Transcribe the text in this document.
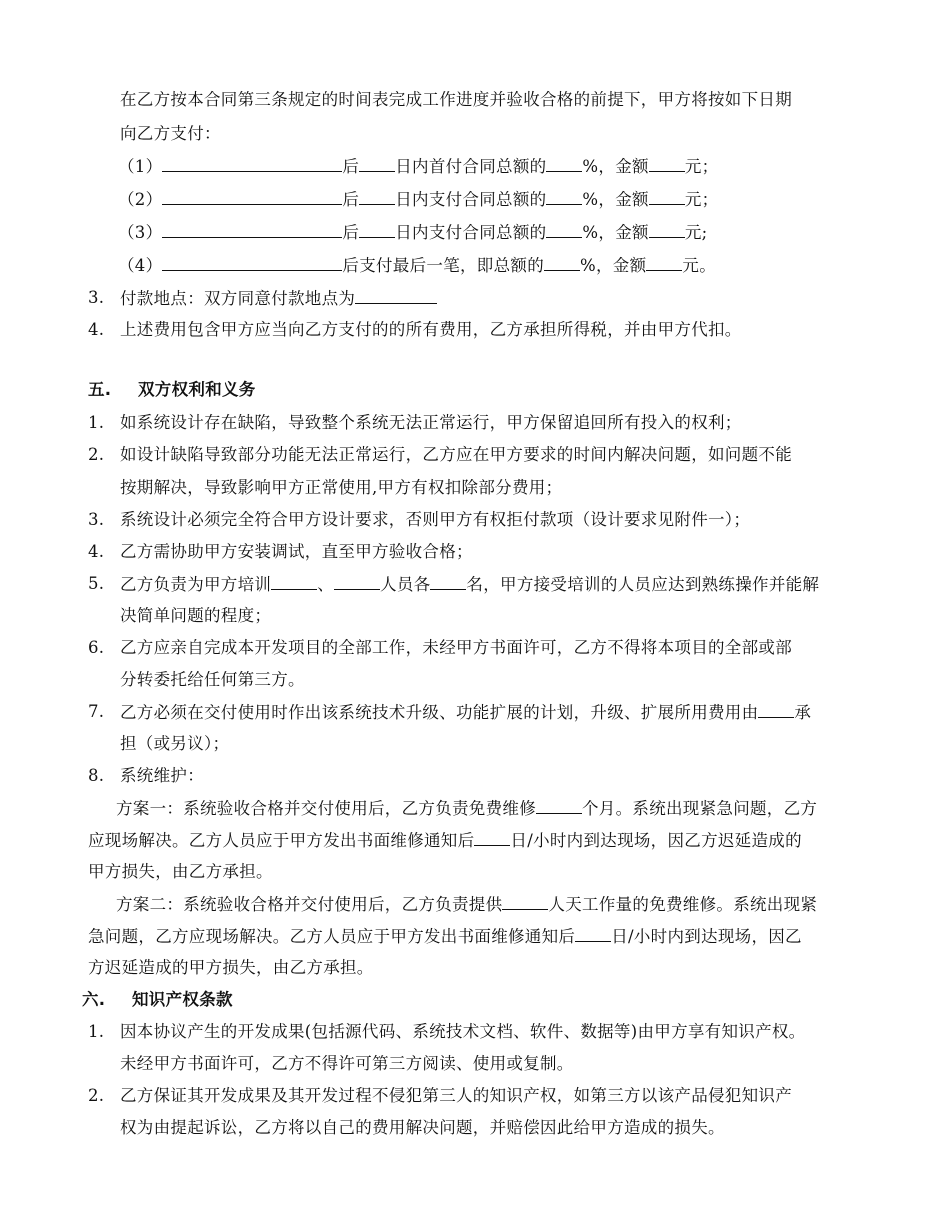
在乙方按本合同第三条规定的时间表完成工作进度并验收合格的前提下，甲方将按如下日期
向乙方支付：
（1）	后 日内首付合同总额的 %，金额 元；
（2）	后 日内支付合同总额的 %，金额 元；
（3）	后 日内支付合同总额的 %，金额 元;
（4）	后支付最后一笔，即总额的 %，金额 元。
3. 付款地点：双方同意付款地点为
4. 上述费用包含甲方应当向乙方支付的的所有费用，乙方承担所得税，并由甲方代扣。
五. 双方权利和义务
1. 如系统设计存在缺陷，导致整个系统无法正常运行，甲方保留追回所有投入的权利；
2. 如设计缺陷导致部分功能无法正常运行，乙方应在甲方要求的时间内解决问题，如问题不能
按期解决，导致影响甲方正常使用,甲方有权扣除部分费用；
3. 系统设计必须完全符合甲方设计要求，否则甲方有权拒付款项（设计要求见附件一）；
4. 乙方需协助甲方安装调试，直至甲方验收合格；
5. 乙方负责为甲方培训	、	人员各 名，甲方接受培训的人员应达到熟练操作并能解
决简单问题的程度；
6. 乙方应亲自完成本开发项目的全部工作，未经甲方书面许可，乙方不得将本项目的全部或部
分转委托给任何第三方。
7. 乙方必须在交付使用时作出该系统技术升级、功能扩展的计划，升级、扩展所用费用由 承
担（或另议）；
8. 系统维护：
方案一：系统验收合格并交付使用后，乙方负责免费维修	个月。系统出现紧急问题，乙方
应现场解决。乙方人员应于甲方发出书面维修通知后 日/小时内到达现场，因乙方迟延造成的
甲方损失，由乙方承担。
方案二：系统验收合格并交付使用后，乙方负责提供	人天工作量的免费维修。系统出现紧
急问题，乙方应现场解决。乙方人员应于甲方发出书面维修通知后 日/小时内到达现场，因乙
方迟延造成的甲方损失，由乙方承担。
六. 知识产权条款
1. 因本协议产生的开发成果(包括源代码、系统技术文档、软件、数据等)由甲方享有知识产权。
未经甲方书面许可，乙方不得许可第三方阅读、使用或复制。
2. 乙方保证其开发成果及其开发过程不侵犯第三人的知识产权，如第三方以该产品侵犯知识产
权为由提起诉讼，乙方将以自己的费用解决问题，并赔偿因此给甲方造成的损失。
